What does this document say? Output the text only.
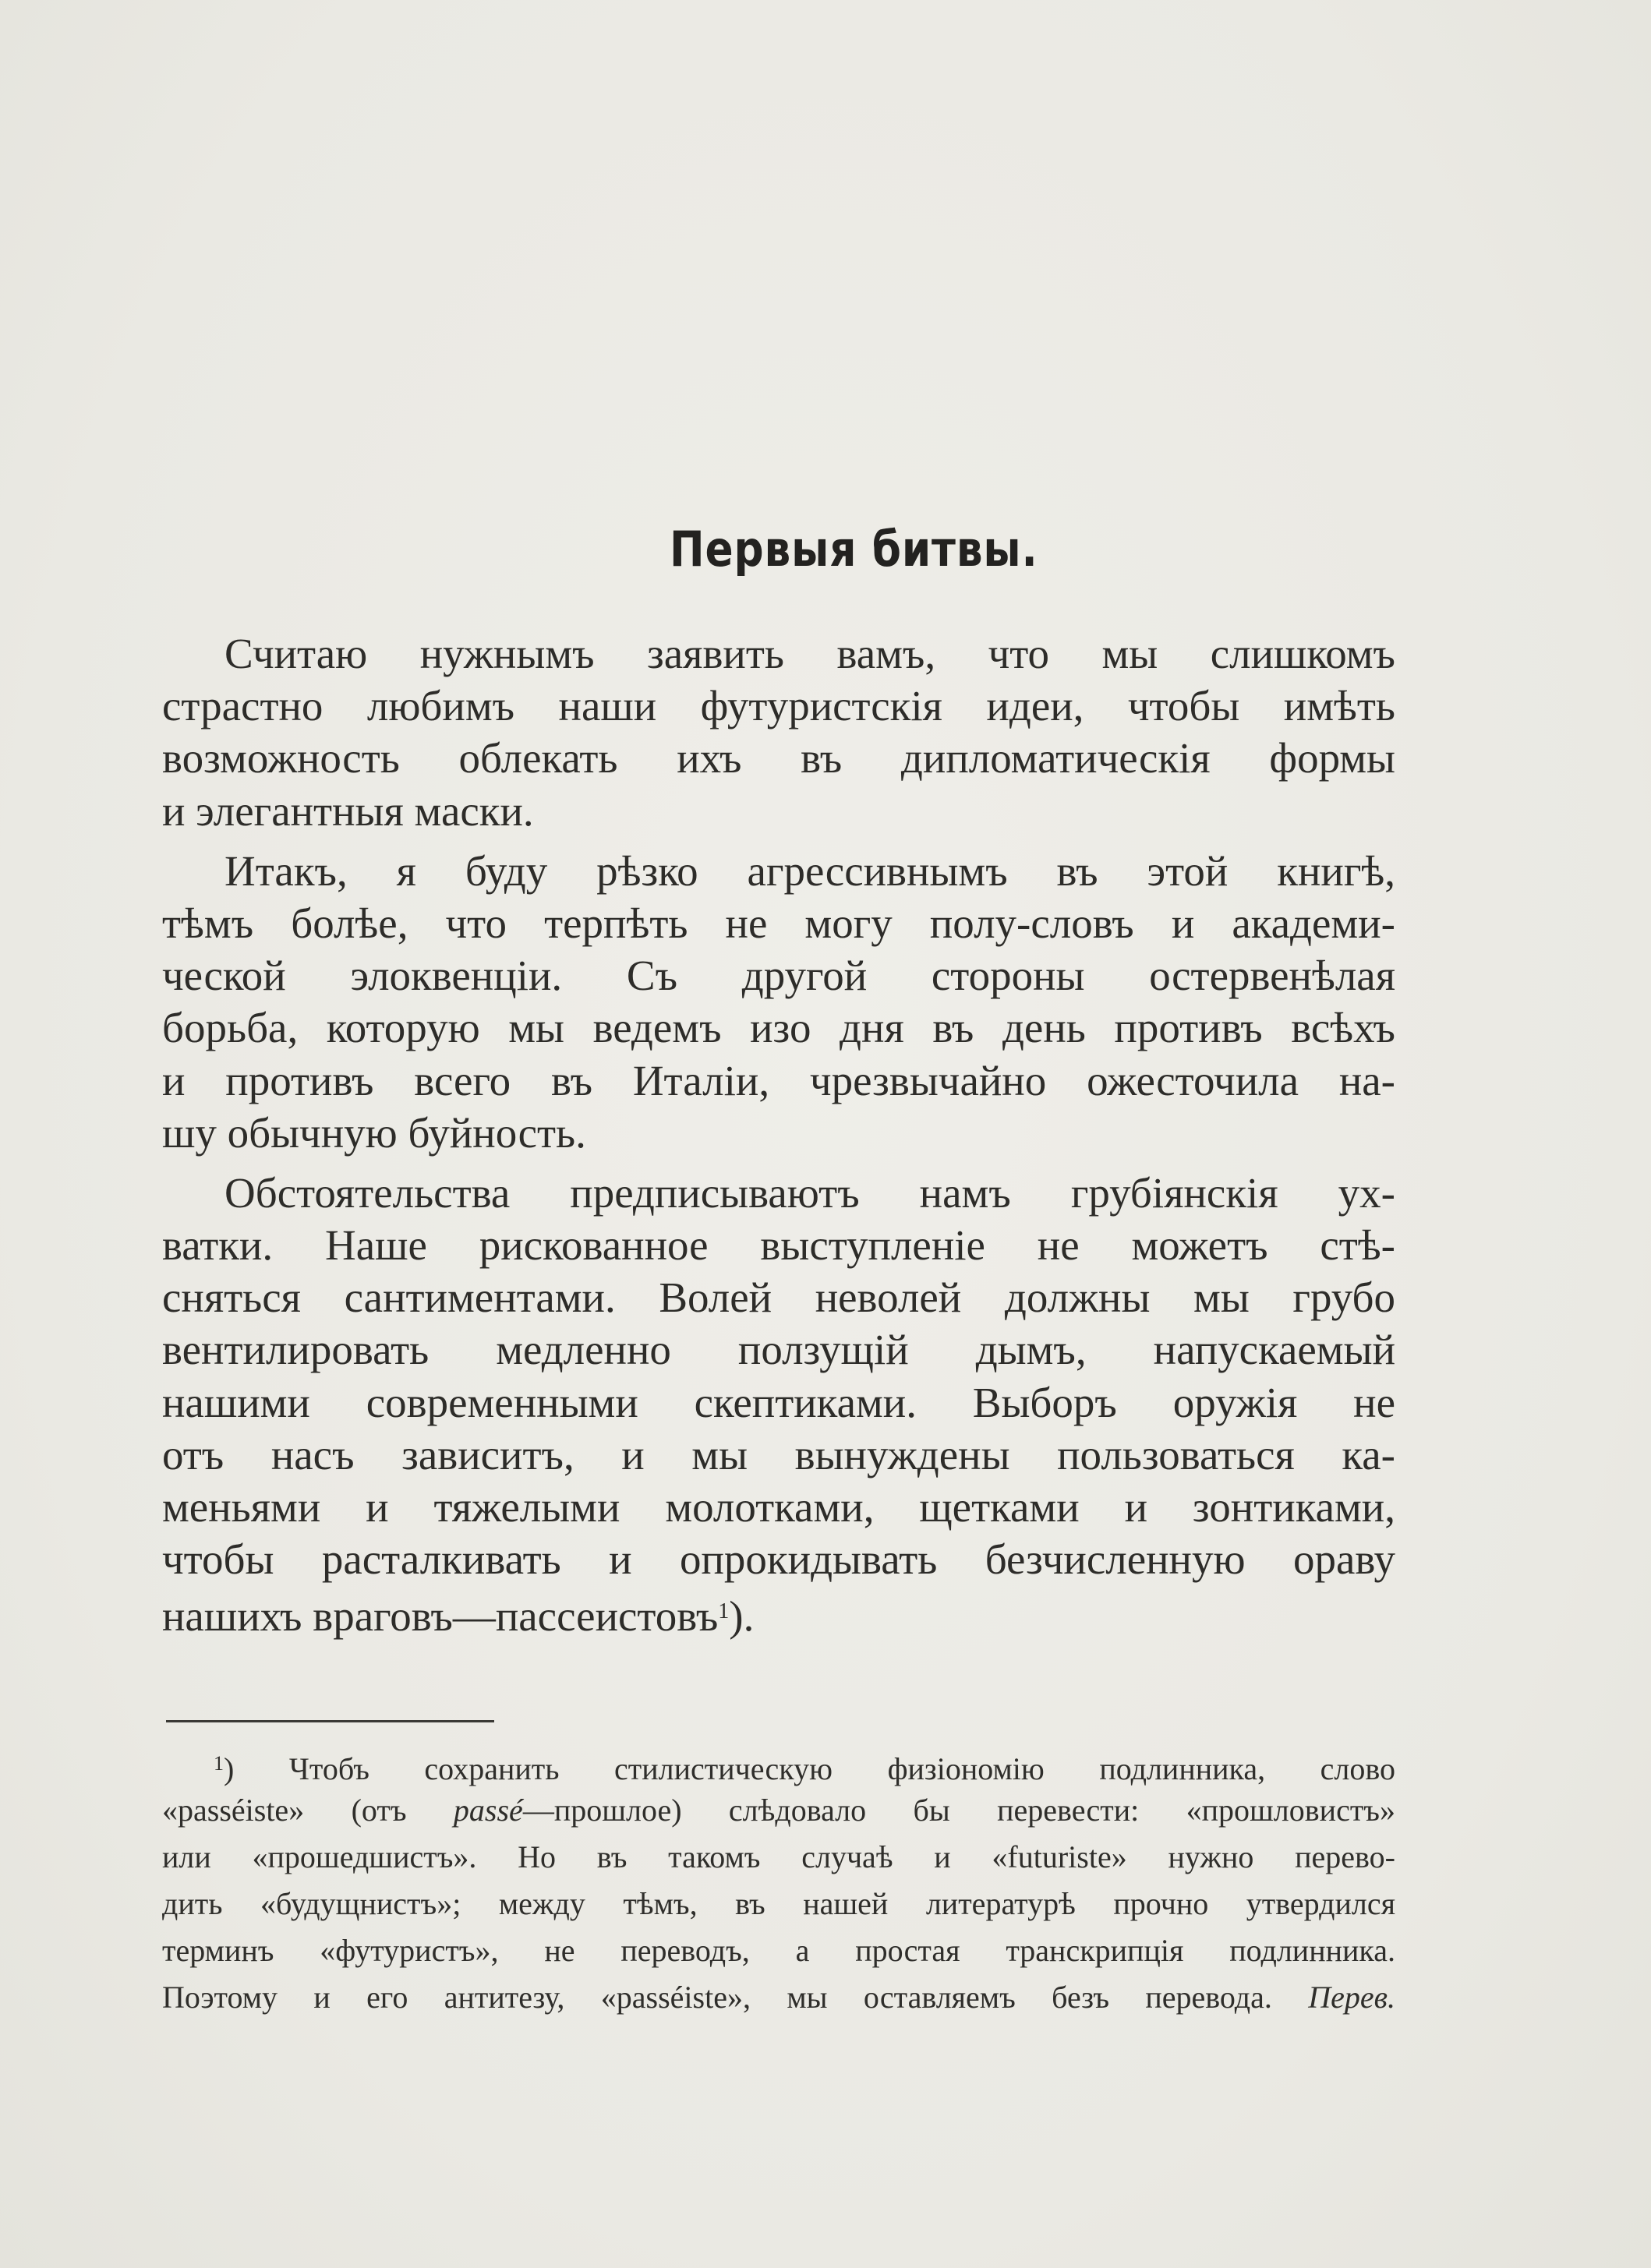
Первыя битвы.
Считаю нужнымъ заявить вамъ, что мы слишкомъ
страстно любимъ наши футуристскія идеи, чтобы имѣть
возможность облекать ихъ въ дипломатическія формы
и элегантныя маски.
Итакъ, я буду рѣзко агрессивнымъ въ этой книгѣ,
тѣмъ болѣе, что терпѣть не могу полу-словъ и академи-
ческой элоквенціи. Съ другой стороны остервенѣлая
борьба, которую мы ведемъ изо дня въ день противъ всѣхъ
и противъ всего въ Италіи, чрезвычайно ожесточила на-
шу обычную буйность.
Обстоятельства предписываютъ намъ грубіянскія ух-
ватки. Наше рискованное выступленіе не можетъ стѣ-
сняться сантиментами. Волей неволей должны мы грубо
вентилировать медленно ползущій дымъ, напускаемый
нашими современными скептиками. Выборъ оружія не
отъ насъ зависитъ, и мы вынуждены пользоваться ка-
меньями и тяжелыми молотками, щетками и зонтиками,
чтобы расталкивать и опрокидывать безчисленную ораву
нашихъ враговъ—пассеистовъ$^1$).
$^1$) Чтобъ сохранить стилистическую физіономію подлинника, слово
«passéiste» (отъ passé—прошлое) слѣдовало бы перевести: «прошловистъ»
или «прошедшистъ». Но въ такомъ случаѣ и «futuriste» нужно перево-
дить «будущнистъ»; между тѣмъ, въ нашей литературѣ прочно утвердился
терминъ «футуристъ», не переводъ, а простая транскрипція подлинника.
Поэтому и его антитезу, «passéiste», мы оставляемъ безъ перевода. Перев.
